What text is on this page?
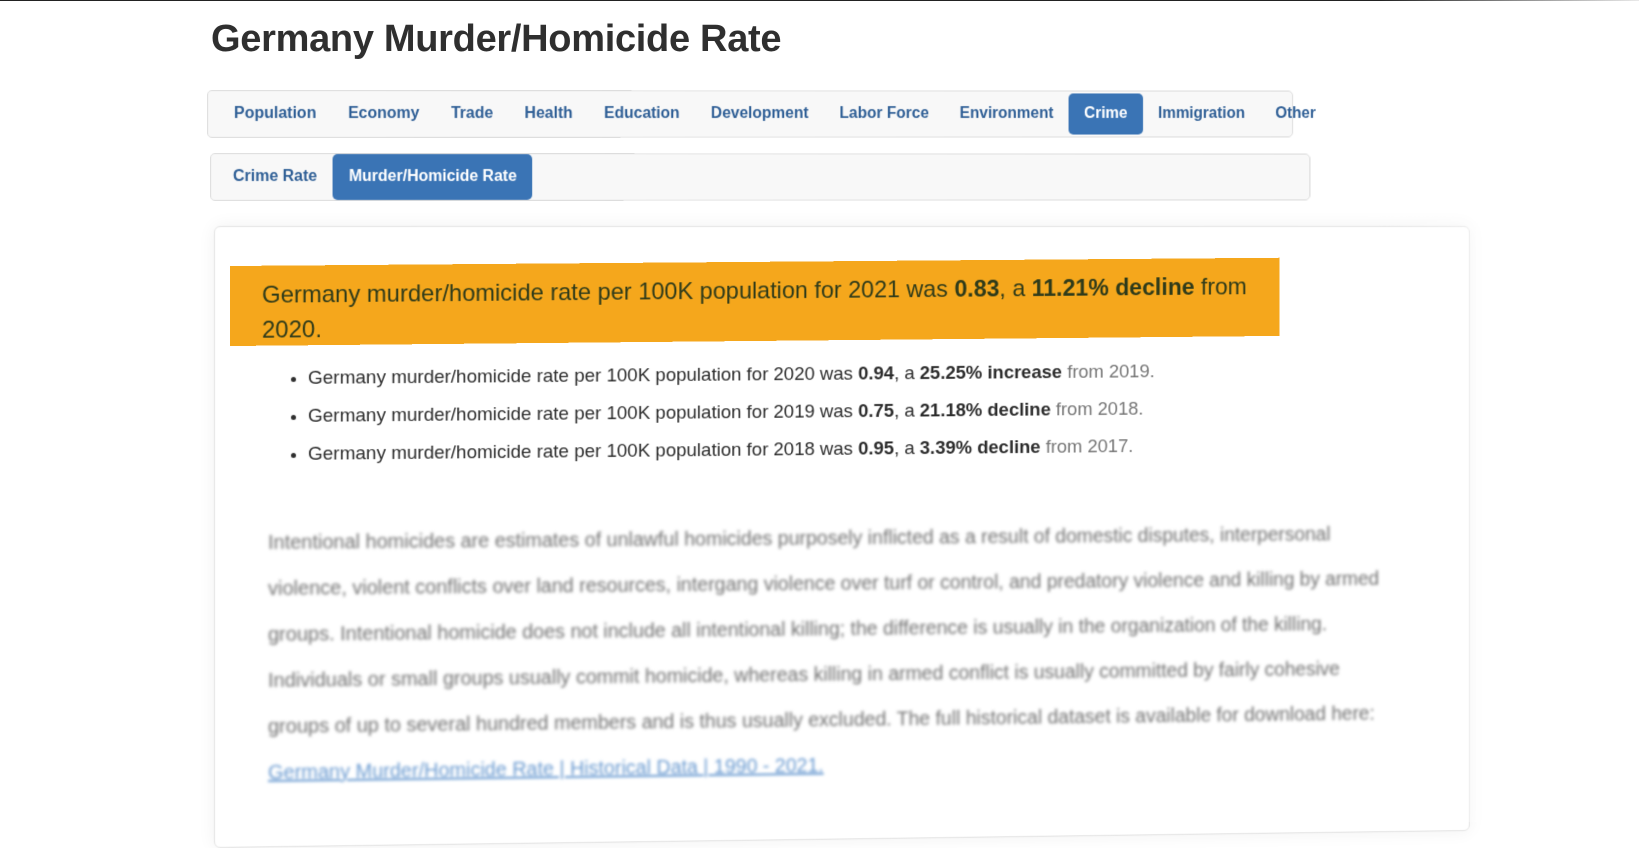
Germany Murder/Homicide Rate
Population	Economy	Trade	Health	Education	Development	Labor Force	Environment	Crime	Immigration	Other
Crime Rate	Murder/Homicide Rate
Germany murder/homicide rate per 100K population for 2021 was 0.83, a 11.21% decline from 2020.
• Germany murder/homicide rate per 100K population for 2020 was 0.94, a 25.25% increase from 2019.
• Germany murder/homicide rate per 100K population for 2019 was 0.75, a 21.18% decline from 2018.
• Germany murder/homicide rate per 100K population for 2018 was 0.95, a 3.39% decline from 2017.
Intentional homicides are estimates of unlawful homicides purposely inflicted as a result of domestic disputes, interpersonal violence, violent conflicts over land resources, intergang violence over turf or control, and predatory violence and killing by armed groups. Intentional homicide does not include all intentional killing; the difference is usually in the organization of the killing. Individuals or small groups usually commit homicide, whereas killing in armed conflict is usually committed by fairly cohesive groups of up to several hundred members and is thus usually excluded. The full historical dataset is available for download here: Germany Murder/Homicide Rate | Historical Data | 1990 - 2021.
